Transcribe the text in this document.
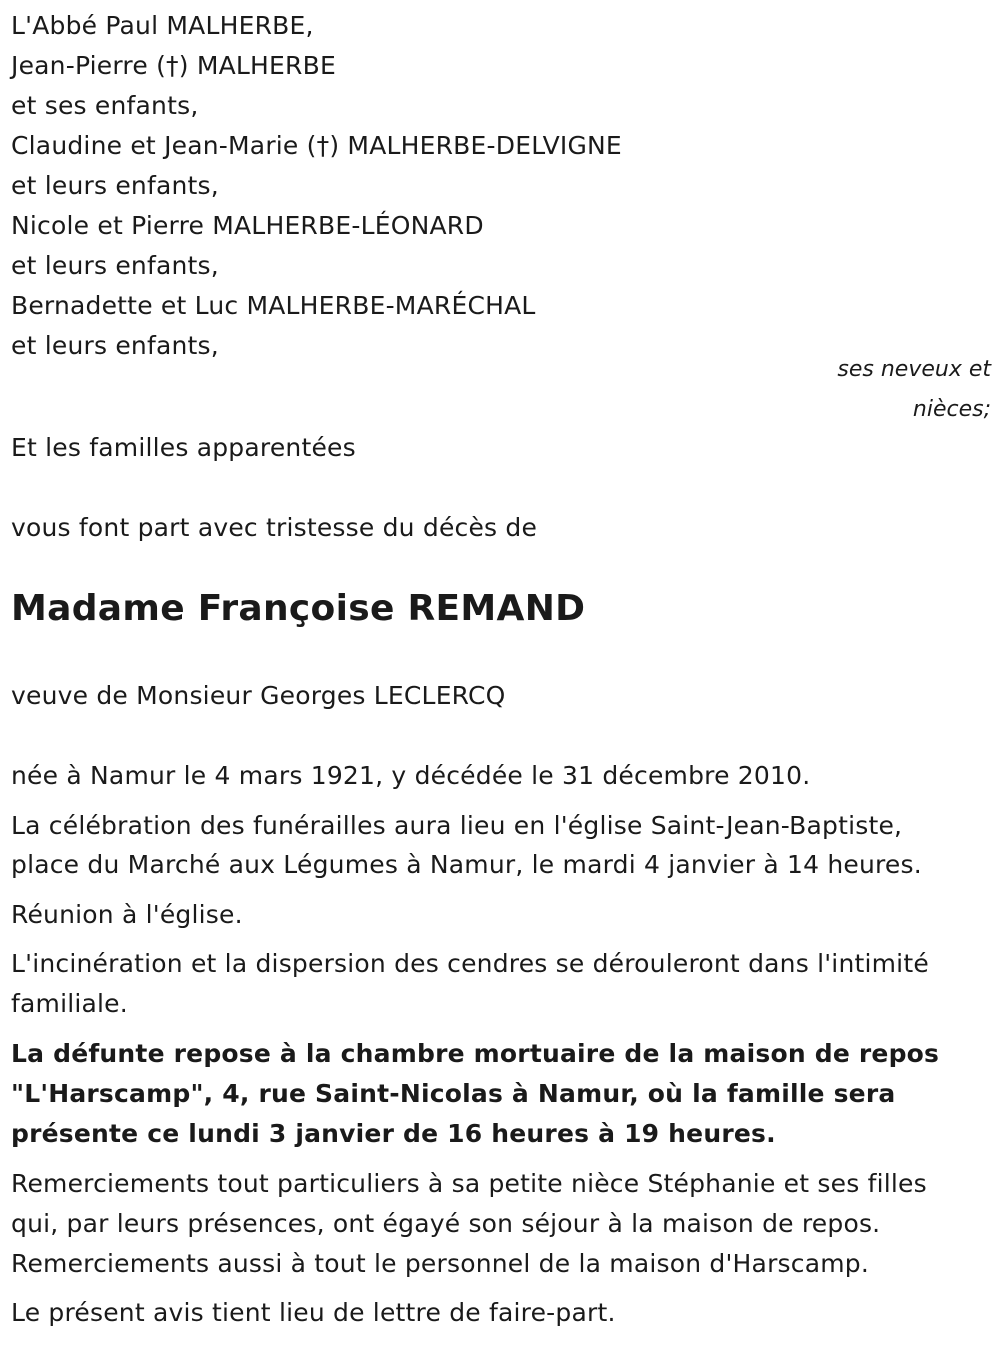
L'Abbé Paul MALHERBE,
Jean-Pierre (†) MALHERBE
et ses enfants,
Claudine et Jean-Marie (†) MALHERBE-DELVIGNE
et leurs enfants,
Nicole et Pierre MALHERBE-LÉONARD
et leurs enfants,
Bernadette et Luc MALHERBE-MARÉCHAL
et leurs enfants,
ses neveux et
nièces;
Et les familles apparentées
vous font part avec tristesse du décès de
Madame Françoise REMAND
veuve de Monsieur Georges LECLERCQ
née à Namur le 4 mars 1921, y décédée le 31 décembre 2010.
La célébration des funérailles aura lieu en l'église Saint-Jean-Baptiste,
place du Marché aux Légumes à Namur, le mardi 4 janvier à 14 heures.
Réunion à l'église.
L'incinération et la dispersion des cendres se dérouleront dans l'intimité
familiale.
La défunte repose à la chambre mortuaire de la maison de repos
"L'Harscamp", 4, rue Saint-Nicolas à Namur, où la famille sera
présente ce lundi 3 janvier de 16 heures à 19 heures.
Remerciements tout particuliers à sa petite nièce Stéphanie et ses filles
qui, par leurs présences, ont égayé son séjour à la maison de repos.
Remerciements aussi à tout le personnel de la maison d'Harscamp.
Le présent avis tient lieu de lettre de faire-part.
